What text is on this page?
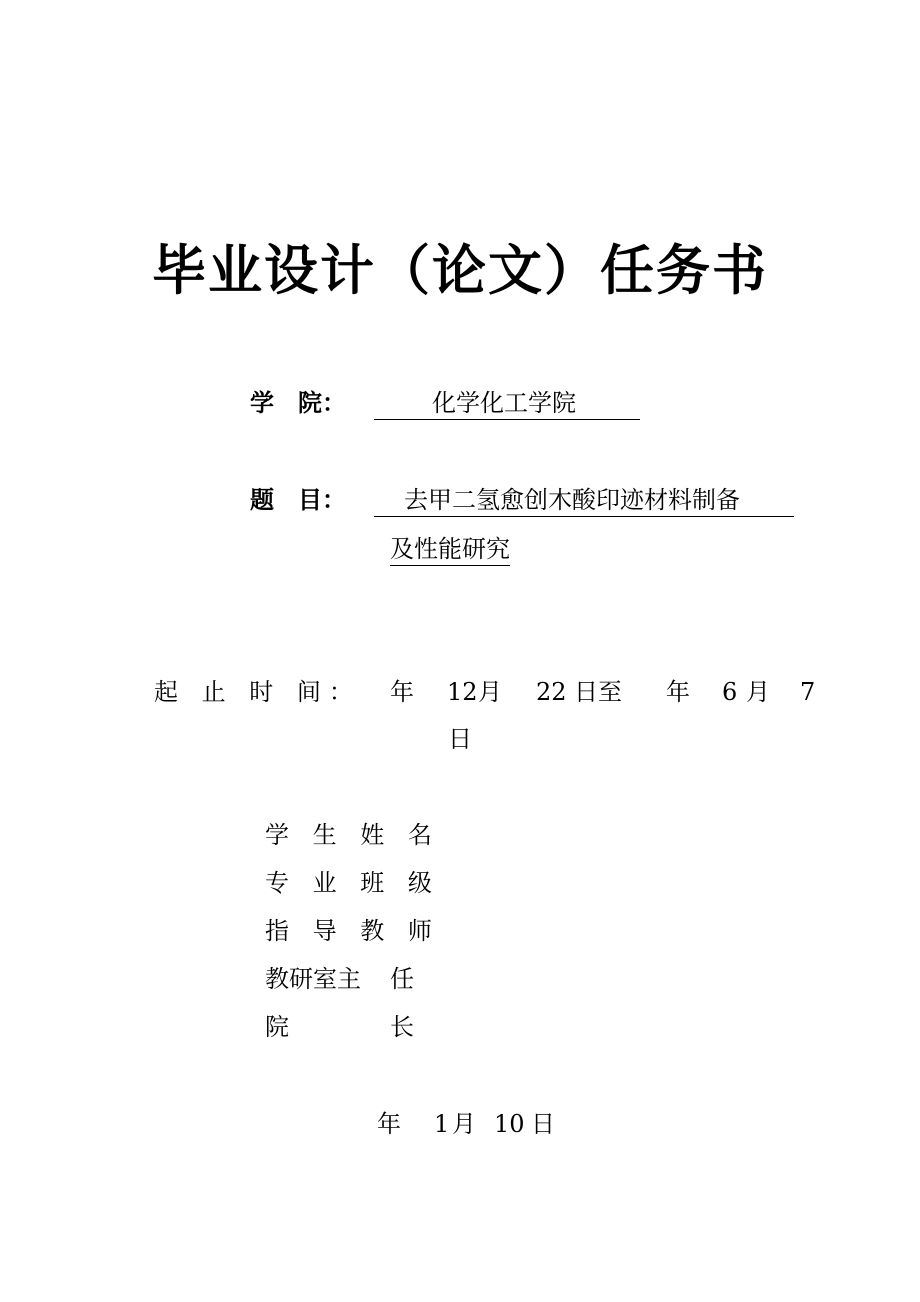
毕业设计（论文）任务书
学　院：	化学化工学院
题　目：	去甲二氢愈创木酸印迹材料制备
及性能研究
起 止 时 间： 年 12 月 22 日至 年 6 月 7
日
学 生 姓 名
专 业 班 级
指 导 教 师
教研室主 任
院	长
年 1 月 10 日
